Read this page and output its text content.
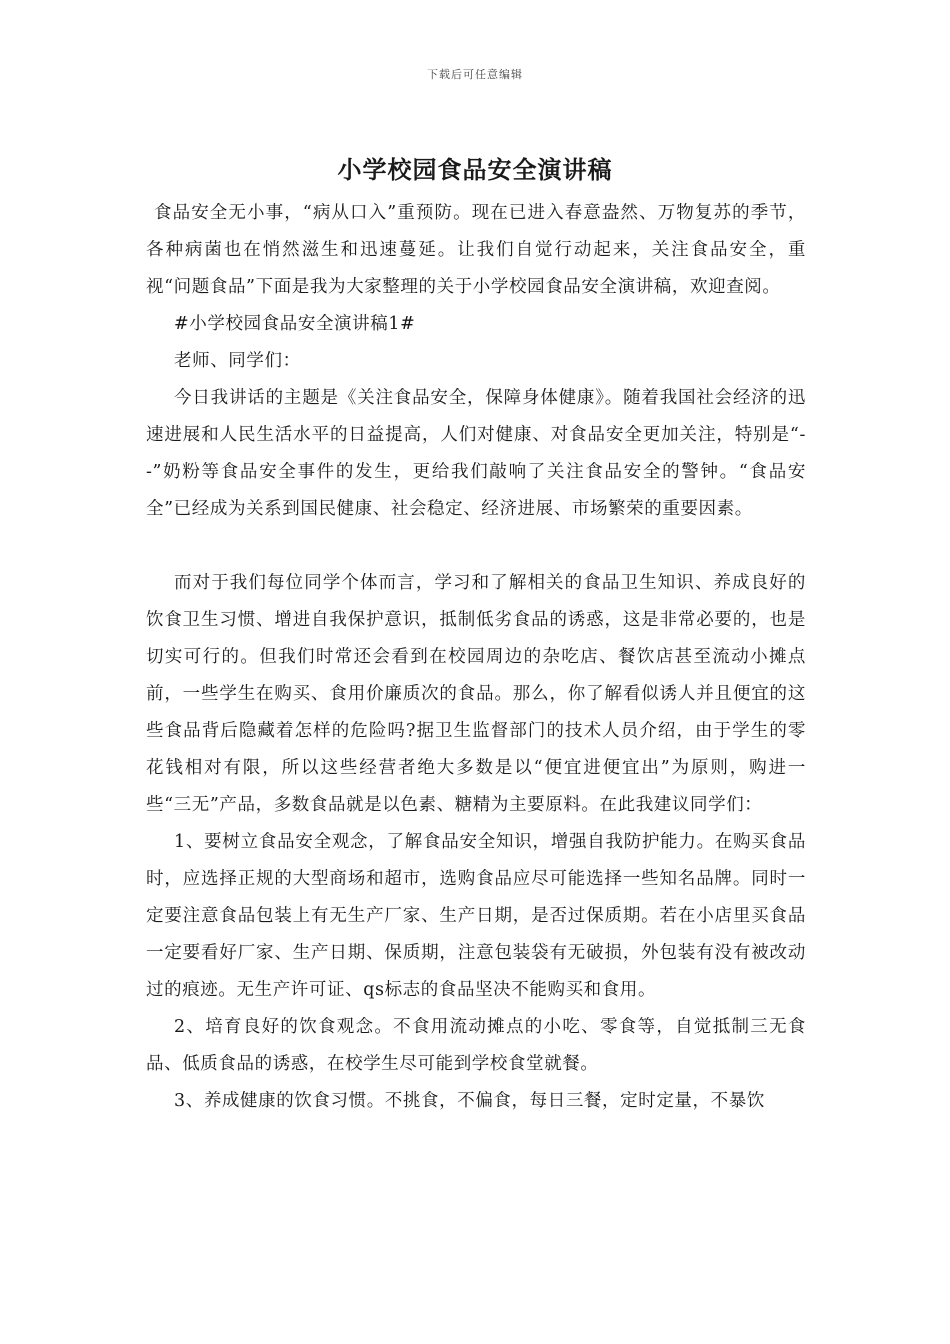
下载后可任意编辑
小学校园食品安全演讲稿

食品安全无小事，“病从口入”重预防。现在已进入春意盎然、万物复苏的季节，各种病菌也在悄然滋生和迅速蔓延。让我们自觉行动起来，关注食品安全，重视“问题食品”下面是我为大家整理的关于小学校园食品安全演讲稿，欢迎查阅。

#小学校园食品安全演讲稿1#

老师、同学们：

今日我讲话的主题是《关注食品安全，保障身体健康》。随着我国社会经济的迅速进展和人民生活水平的日益提高，人们对健康、对食品安全更加关注，特别是“--”奶粉等食品安全事件的发生，更给我们敲响了关注食品安全的警钟。“食品安全”已经成为关系到国民健康、社会稳定、经济进展、市场繁荣的重要因素。

而对于我们每位同学个体而言，学习和了解相关的食品卫生知识、养成良好的饮食卫生习惯、增进自我保护意识，抵制低劣食品的诱惑，这是非常必要的，也是切实可行的。但我们时常还会看到在校园周边的杂吃店、餐饮店甚至流动小摊点前，一些学生在购买、食用价廉质次的食品。那么，你了解看似诱人并且便宜的这些食品背后隐藏着怎样的危险吗?据卫生监督部门的技术人员介绍，由于学生的零花钱相对有限，所以这些经营者绝大多数是以“便宜进便宜出”为原则，购进一些“三无”产品，多数食品就是以色素、糖精为主要原料。在此我建议同学们：

1、要树立食品安全观念，了解食品安全知识，增强自我防护能力。在购买食品时，应选择正规的大型商场和超市，选购食品应尽可能选择一些知名品牌。同时一定要注意食品包装上有无生产厂家、生产日期，是否过保质期。若在小店里买食品一定要看好厂家、生产日期、保质期，注意包装袋有无破损，外包装有没有被改动过的痕迹。无生产许可证、qs标志的食品坚决不能购买和食用。

2、培育良好的饮食观念。不食用流动摊点的小吃、零食等，自觉抵制三无食品、低质食品的诱惑，在校学生尽可能到学校食堂就餐。

3、养成健康的饮食习惯。不挑食，不偏食，每日三餐，定时定量，不暴饮
